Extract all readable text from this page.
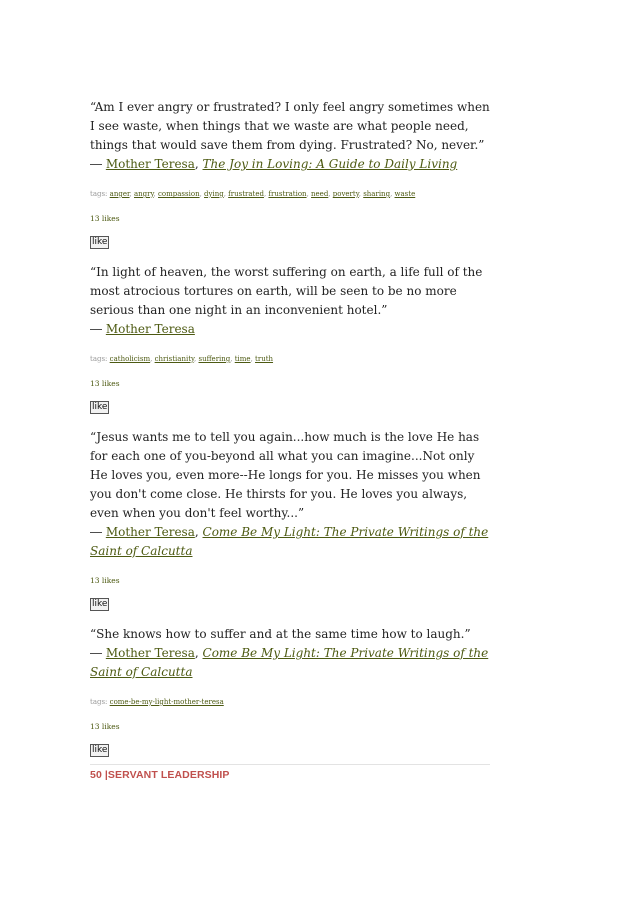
“Am I ever angry or frustrated? I only feel angry sometimes when I see waste, when things that we waste are what people need, things that would save them from dying. Frustrated? No, never.”

― Mother Teresa, The Joy in Loving: A Guide to Daily Living

tags: anger, angry, compassion, dying, frustrated, frustration, need, poverty, sharing, waste
13 likes
like

“In light of heaven, the worst suffering on earth, a life full of the most atrocious tortures on earth, will be seen to be no more serious than one night in an inconvenient hotel.”

― Mother Teresa

tags: catholicism, christianity, suffering, time, truth
13 likes
like

“Jesus wants me to tell you again...how much is the love He has for each one of you-beyond all what you can imagine...Not only He loves you, even more--He longs for you. He misses you when you don't come close. He thirsts for you. He loves you always, even when you don't feel worthy...”

― Mother Teresa, Come Be My Light: The Private Writings of the Saint of Calcutta

13 likes
like

“She knows how to suffer and at the same time how to laugh.”

― Mother Teresa, Come Be My Light: The Private Writings of the Saint of Calcutta

tags: come-be-my-light-mother-teresa
13 likes
like
50 |SERVANT LEADERSHIP
